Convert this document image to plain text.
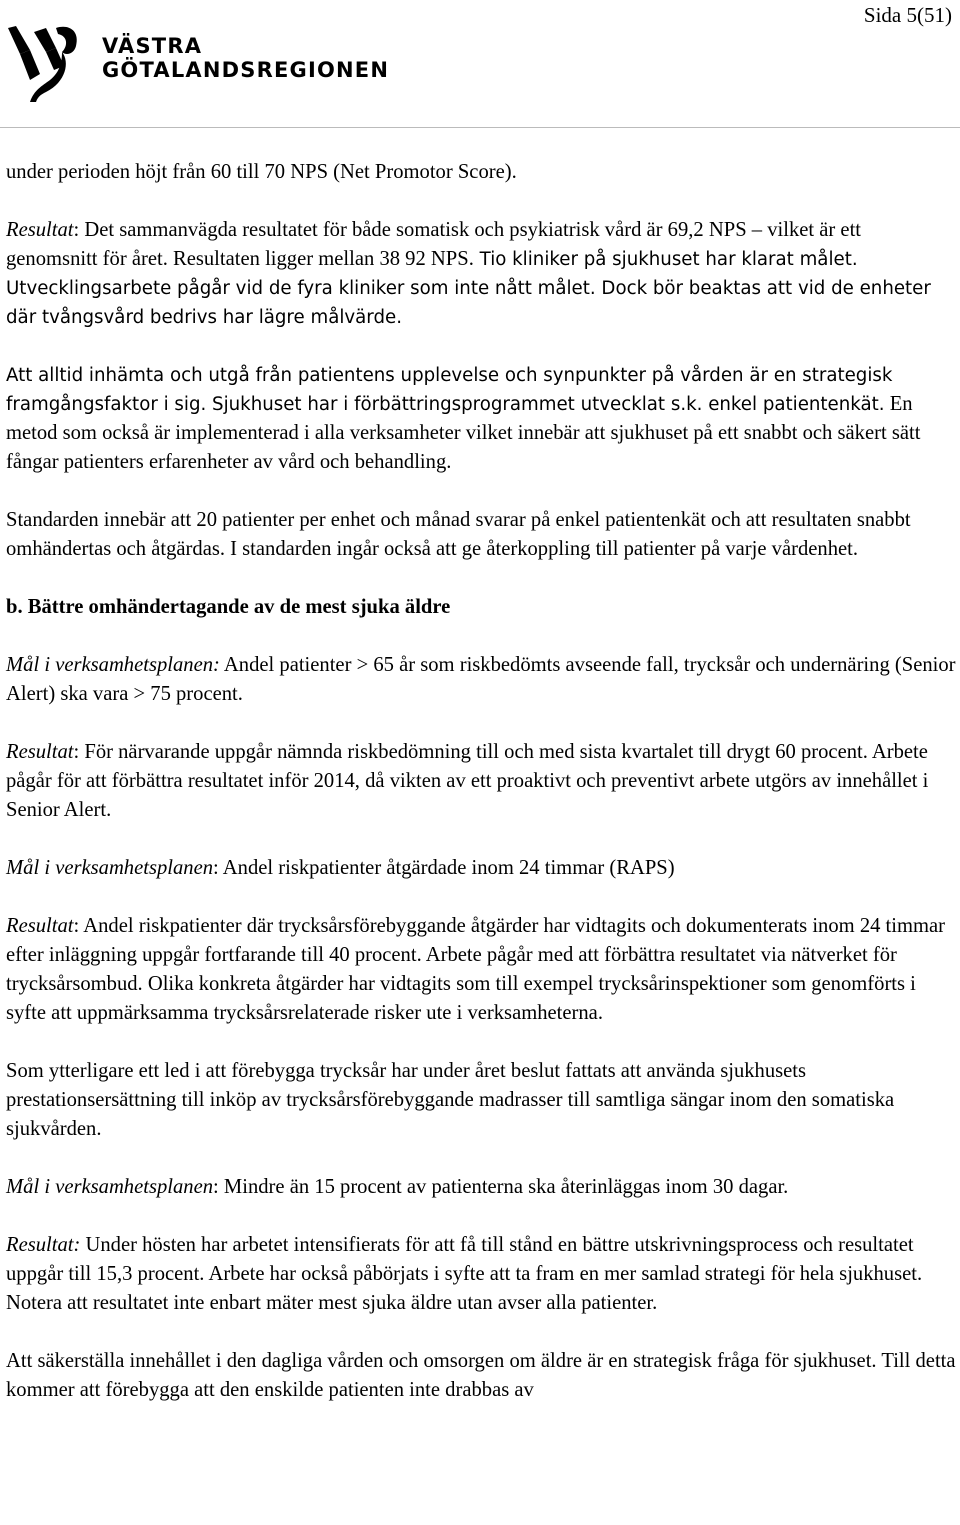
Sida 5(51)
VÄSTRA
GÖTALANDSREGIONEN

under perioden höjt från 60 till 70 NPS (Net Promotor Score).

Resultat: Det sammanvägda resultatet för både somatisk och psykiatrisk vård är 69,2 NPS – vilket är ett genomsnitt för året. Resultaten ligger mellan 38 92 NPS. Tio kliniker på sjukhuset har klarat målet. Utvecklingsarbete pågår vid de fyra kliniker som inte nått målet. Dock bör beaktas att vid de enheter där tvångsvård bedrivs har lägre målvärde.

Att alltid inhämta och utgå från patientens upplevelse och synpunkter på vården är en strategisk framgångsfaktor i sig. Sjukhuset har i förbättringsprogrammet utvecklat s.k. enkel patientenkät. En metod som också är implementerad i alla verksamheter vilket innebär att sjukhuset på ett snabbt och säkert sätt fångar patienters erfarenheter av vård och behandling.

Standarden innebär att 20 patienter per enhet och månad svarar på enkel patientenkät och att resultaten snabbt omhändertas och åtgärdas. I standarden ingår också att ge återkoppling till patienter på varje vårdenhet.

b. Bättre omhändertagande av de mest sjuka äldre

Mål i verksamhetsplanen: Andel patienter > 65 år som riskbedömts avseende fall, trycksår och undernäring (Senior Alert) ska vara > 75 procent.

Resultat: För närvarande uppgår nämnda riskbedömning till och med sista kvartalet till drygt 60 procent. Arbete pågår för att förbättra resultatet inför 2014, då vikten av ett proaktivt och preventivt arbete utgörs av innehållet i Senior Alert.

Mål i verksamhetsplanen: Andel riskpatienter åtgärdade inom 24 timmar (RAPS)

Resultat: Andel riskpatienter där trycksårsförebyggande åtgärder har vidtagits och dokumenterats inom 24 timmar efter inläggning uppgår fortfarande till 40 procent. Arbete pågår med att förbättra resultatet via nätverket för trycksårsombud. Olika konkreta åtgärder har vidtagits som till exempel trycksårinspektioner som genomförts i syfte att uppmärksamma trycksårsrelaterade risker ute i verksamheterna.

Som ytterligare ett led i att förebygga trycksår har under året beslut fattats att använda sjukhusets prestationsersättning till inköp av trycksårsförebyggande madrasser till samtliga sängar inom den somatiska sjukvården.

Mål i verksamhetsplanen: Mindre än 15 procent av patienterna ska återinläggas inom 30 dagar.

Resultat: Under hösten har arbetet intensifierats för att få till stånd en bättre utskrivningsprocess och resultatet uppgår till 15,3 procent. Arbete har också påbörjats i syfte att ta fram en mer samlad strategi för hela sjukhuset. Notera att resultatet inte enbart mäter mest sjuka äldre utan avser alla patienter.

Att säkerställa innehållet i den dagliga vården och omsorgen om äldre är en strategisk fråga för sjukhuset. Till detta kommer att förebygga att den enskilde patienten inte drabbas av
